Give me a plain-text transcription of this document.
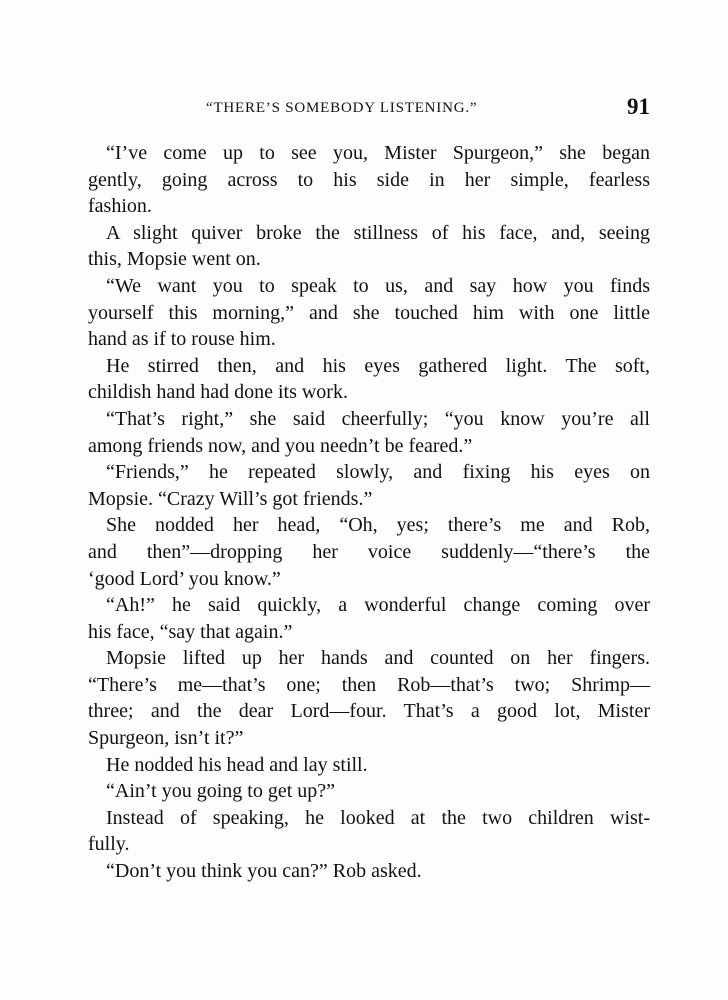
“THERE’S SOMEBODY LISTENING.”	91
“I’ve come up to see you, Mister Spurgeon,” she began
gently, going across to his side in her simple, fearless
fashion.
A slight quiver broke the stillness of his face, and, seeing
this, Mopsie went on.
“We want you to speak to us, and say how you finds
yourself this morning,” and she touched him with one little
hand as if to rouse him.
He stirred then, and his eyes gathered light. The soft,
childish hand had done its work.
“That’s right,” she said cheerfully; “you know you’re all
among friends now, and you needn’t be feared.”
“Friends,” he repeated slowly, and fixing his eyes on
Mopsie. “Crazy Will’s got friends.”
She nodded her head, “Oh, yes; there’s me and Rob,
and then”—dropping her voice suddenly—“there’s the
‘good Lord’ you know.”
“Ah!” he said quickly, a wonderful change coming over
his face, “say that again.”
Mopsie lifted up her hands and counted on her fingers.
“There’s me—that’s one; then Rob—that’s two; Shrimp—
three; and the dear Lord—four. That’s a good lot, Mister
Spurgeon, isn’t it?”
He nodded his head and lay still.
“Ain’t you going to get up?”
Instead of speaking, he looked at the two children wist-
fully.
“Don’t you think you can?” Rob asked.
